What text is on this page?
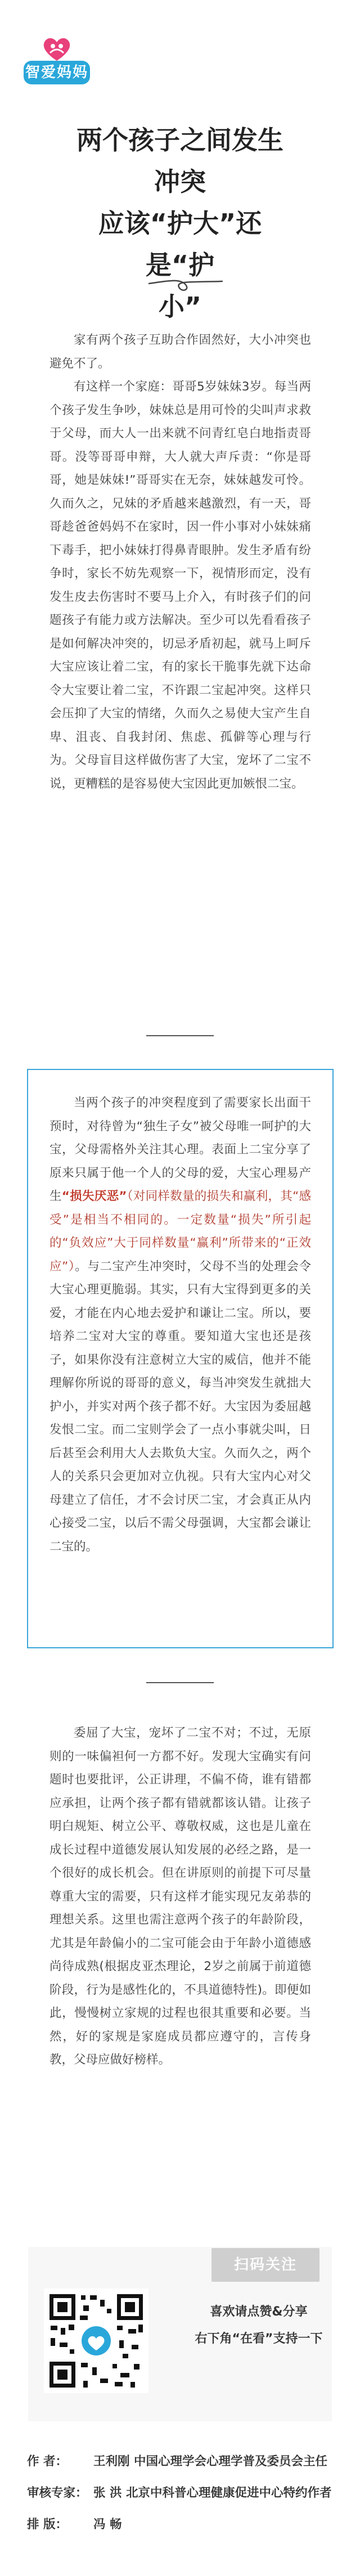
智爱妈妈
两个孩子之间发生冲突
应该“护大”还是“护
小”

家有两个孩子互助合作固然好，大小冲突也避免不了。

有这样一个家庭：哥哥5岁妹妹3岁。每当两个孩子发生争吵，妹妹总是用可怜的尖叫声求救于父母，而大人一出来就不问青红皂白地指责哥哥。没等哥哥申辩，大人就大声斥责：“你是哥哥，她是妹妹!”哥哥实在无奈，妹妹越发可怜。久而久之，兄妹的矛盾越来越激烈，有一天，哥哥趁爸爸妈妈不在家时，因一件小事对小妹妹痛下毒手，把小妹妹打得鼻青眼肿。发生矛盾有纷争时，家长不妨先观察一下，视情形而定，没有发生皮去伤害时不要马上介入，有时孩子们的问题孩子有能力或方法解决。至少可以先看看孩子是如何解决冲突的，切忌矛盾初起，就马上呵斥大宝应该让着二宝，有的家长干脆事先就下达命令大宝要让着二宝，不许跟二宝起冲突。这样只会压抑了大宝的情绪，久而久之易使大宝产生自卑、沮丧、自我封闭、焦虑、孤僻等心理与行为。父母盲目这样做伤害了大宝，宠坏了二宝不说，更糟糕的是容易使大宝因此更加嫉恨二宝。

当两个孩子的冲突程度到了需要家长出面干预时，对待曾为“独生子女”被父母唯一呵护的大宝，父母需格外关注其心理。表面上二宝分享了原来只属于他一个人的父母的爱，大宝心理易产生“损失厌恶”（对同样数量的损失和赢利，其“感受”是相当不相同的。一定数量“损失”所引起的“负效应”大于同样数量“赢利”所带来的“正效应”）。与二宝产生冲突时，父母不当的处理会令大宝心理更脆弱。其实，只有大宝得到更多的关爱，才能在内心地去爱护和谦让二宝。所以，要培养二宝对大宝的尊重。要知道大宝也还是孩子，如果你没有注意树立大宝的威信，他并不能理解你所说的哥哥的意义，每当冲突发生就拙大护小，并实对两个孩子都不好。大宝因为委屈越发恨二宝。而二宝则学会了一点小事就尖叫，日后甚至会利用大人去欺负大宝。久而久之，两个人的关系只会更加对立仇视。只有大宝内心对父母建立了信任，才不会讨厌二宝，才会真正从内心接受二宝，以后不需父母强调，大宝都会谦让二宝的。

委屈了大宝，宠坏了二宝不对；不过，无原则的一味偏袒何一方都不好。发现大宝确实有问题时也要批评，公正讲理，不偏不倚，谁有错都应承担，让两个孩子都有错就都该认错。让孩子明白规矩、树立公平、尊敬权威，这也是儿童在成长过程中道德发展认知发展的必经之路，是一个很好的成长机会。但在讲原则的前提下可尽量尊重大宝的需要，只有这样才能实现兄友弟恭的理想关系。这里也需注意两个孩子的年龄阶段，尤其是年龄偏小的二宝可能会由于年龄小道德感尚待成熟(根据皮亚杰理论，2岁之前属于前道德阶段，行为是感性化的，不具道德特性)。即便如此，慢慢树立家规的过程也很其重要和必要。当然，好的家规是家庭成员都应遵守的，言传身教，父母应做好榜样。

扫码关注
喜欢请点赞&分享
右下角“在看”支持一下
作 者： 王利刚 中国心理学会心理学普及委员会主任
审核专家： 张 洪 北京中科普心理健康促进中心特约作者
排 版： 冯 畅
